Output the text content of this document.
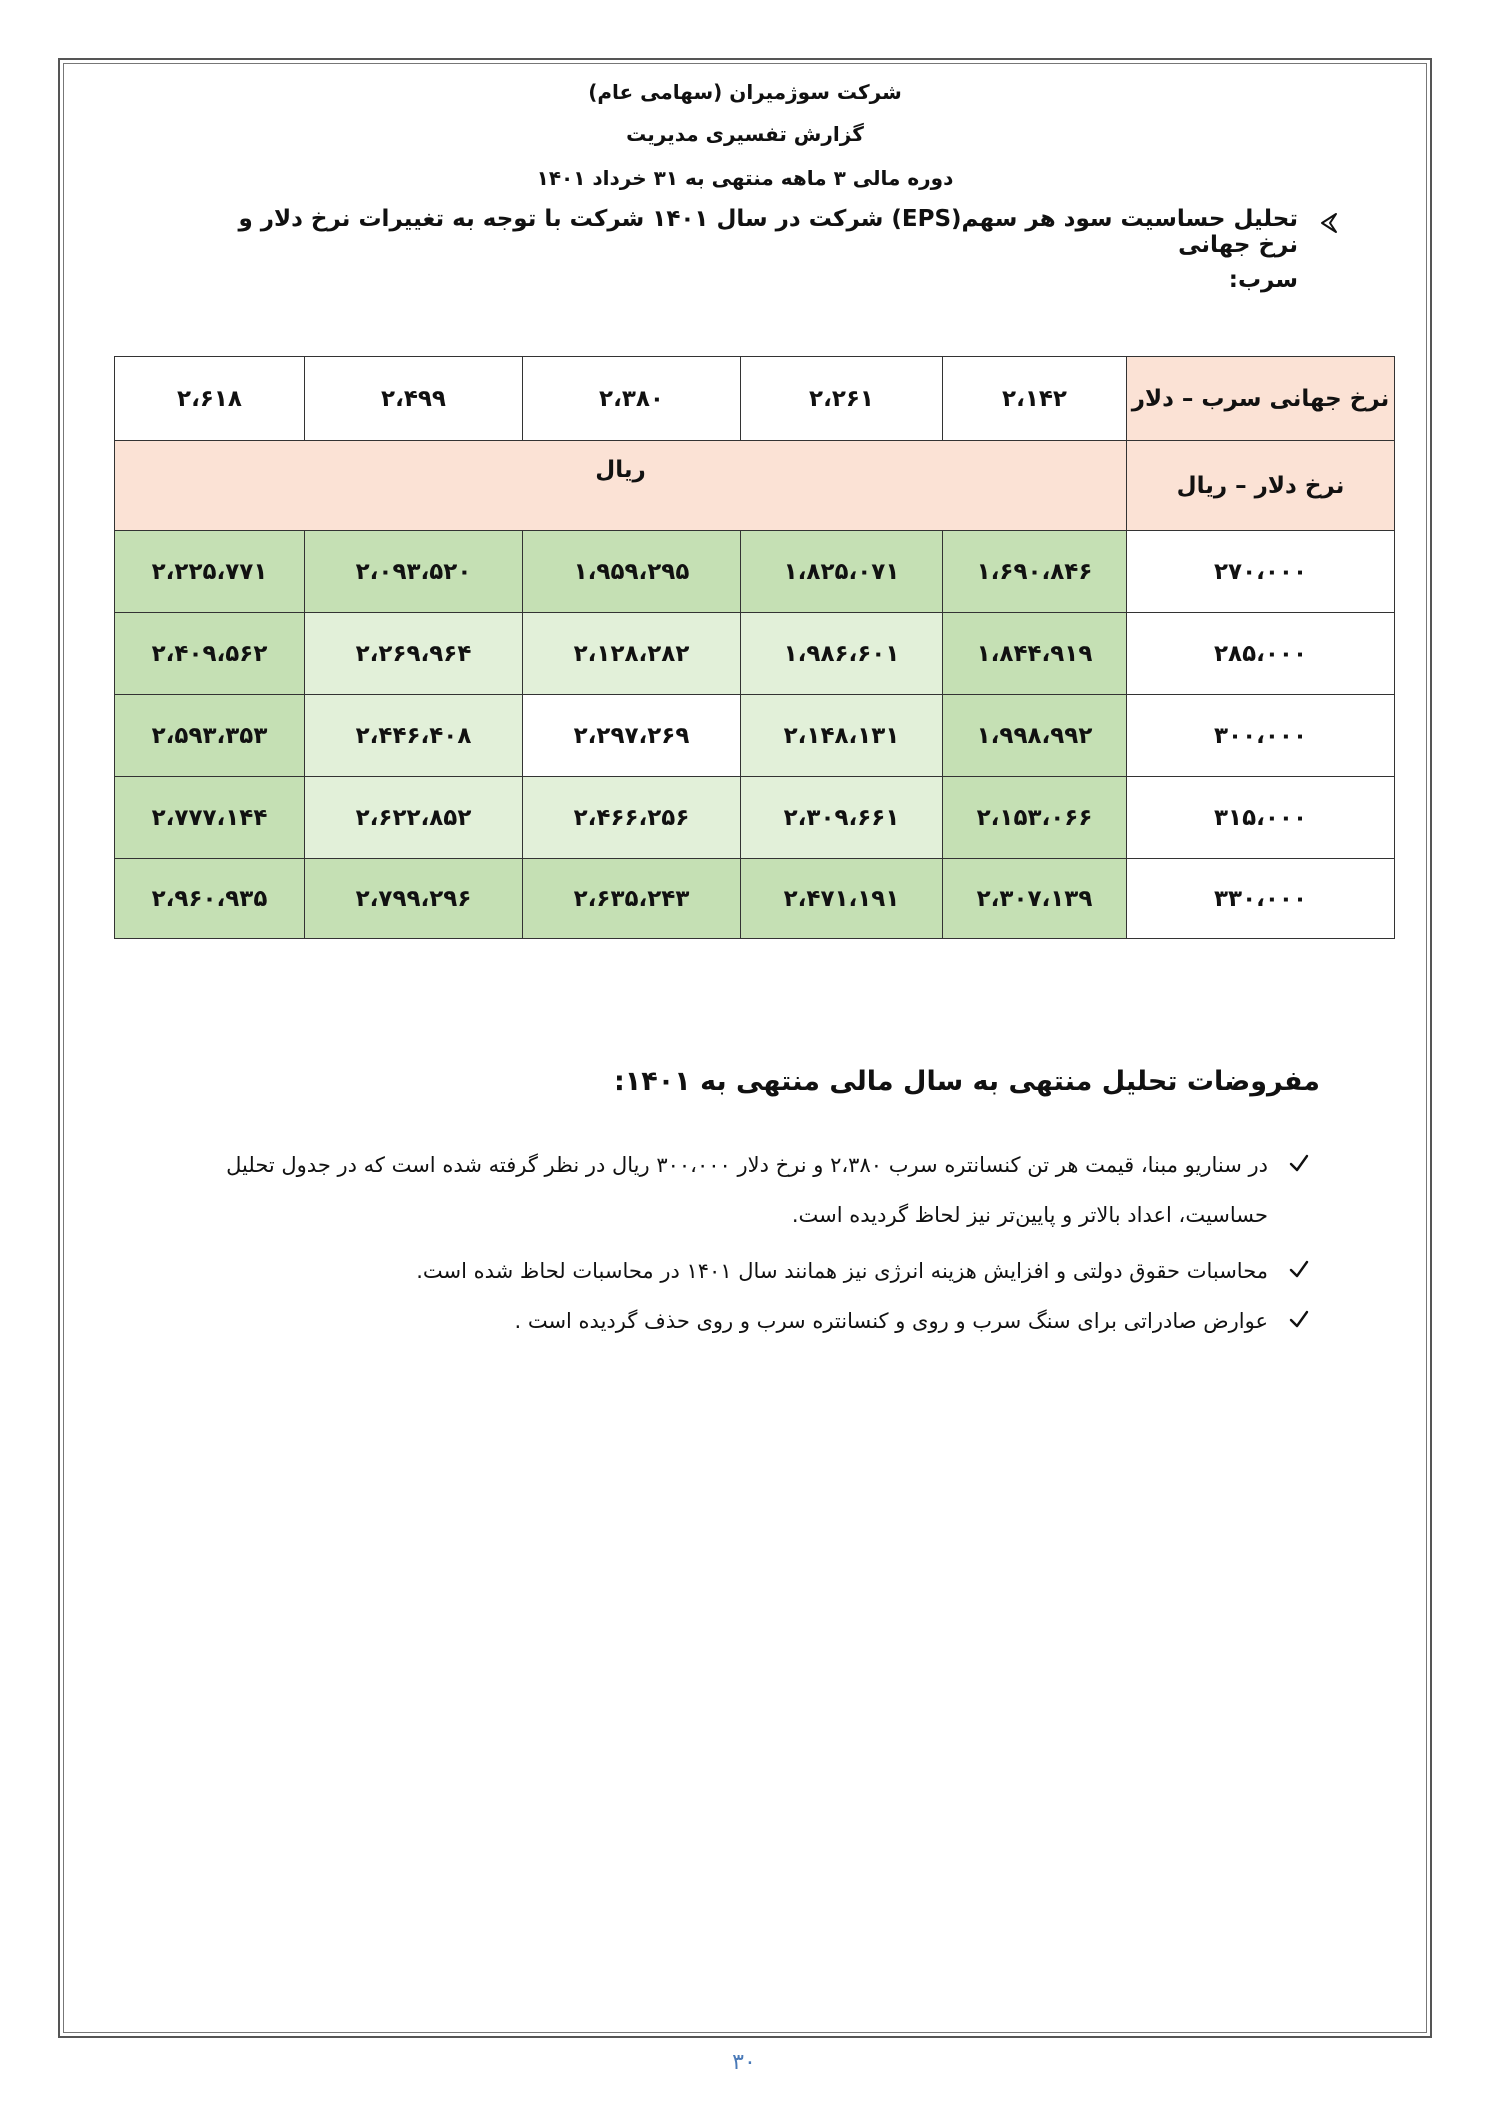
شرکت سوژمیران (سهامی عام)
گزارش تفسیری مدیریت
دوره مالی ۳ ماهه منتهی به ۳۱ خرداد ۱۴۰۱
تحلیل حساسیت سود هر سهم(EPS) شرکت در سال ۱۴۰۱ شرکت با توجه به تغییرات نرخ دلار و نرخ جهانی
سرب:
نرخ جهانی سرب – دلار	۲،۱۴۲	۲،۲۶۱	۲،۳۸۰	۲،۴۹۹	۲،۶۱۸
نرخ دلار – ریال	ریال				
۲۷۰،۰۰۰	۱،۶۹۰،۸۴۶	۱،۸۲۵،۰۷۱	۱،۹۵۹،۲۹۵	۲،۰۹۳،۵۲۰	۲،۲۲۵،۷۷۱
۲۸۵،۰۰۰	۱،۸۴۴،۹۱۹	۱،۹۸۶،۶۰۱	۲،۱۲۸،۲۸۲	۲،۲۶۹،۹۶۴	۲،۴۰۹،۵۶۲
۳۰۰،۰۰۰	۱،۹۹۸،۹۹۲	۲،۱۴۸،۱۳۱	۲،۲۹۷،۲۶۹	۲،۴۴۶،۴۰۸	۲،۵۹۳،۳۵۳
۳۱۵،۰۰۰	۲،۱۵۳،۰۶۶	۲،۳۰۹،۶۶۱	۲،۴۶۶،۲۵۶	۲،۶۲۲،۸۵۲	۲،۷۷۷،۱۴۴
۳۳۰،۰۰۰	۲،۳۰۷،۱۳۹	۲،۴۷۱،۱۹۱	۲،۶۳۵،۲۴۳	۲،۷۹۹،۲۹۶	۲،۹۶۰،۹۳۵
مفروضات تحلیل منتهی به سال مالی منتهی به ۱۴۰۱:
در سناریو مبنا، قیمت هر تن کنسانتره سرب ۲،۳۸۰ و نرخ دلار ۳۰۰،۰۰۰ ریال در نظر گرفته شده است که در جدول تحلیل حساسیت، اعداد بالاتر و پایین‌تر نیز لحاظ گردیده است.
محاسبات حقوق دولتی و افزایش هزینه انرژی نیز همانند سال ۱۴۰۱ در محاسبات لحاظ شده است.
عوارض صادراتی برای سنگ سرب و روی و کنسانتره سرب و روی حذف گردیده است .
۳۰
